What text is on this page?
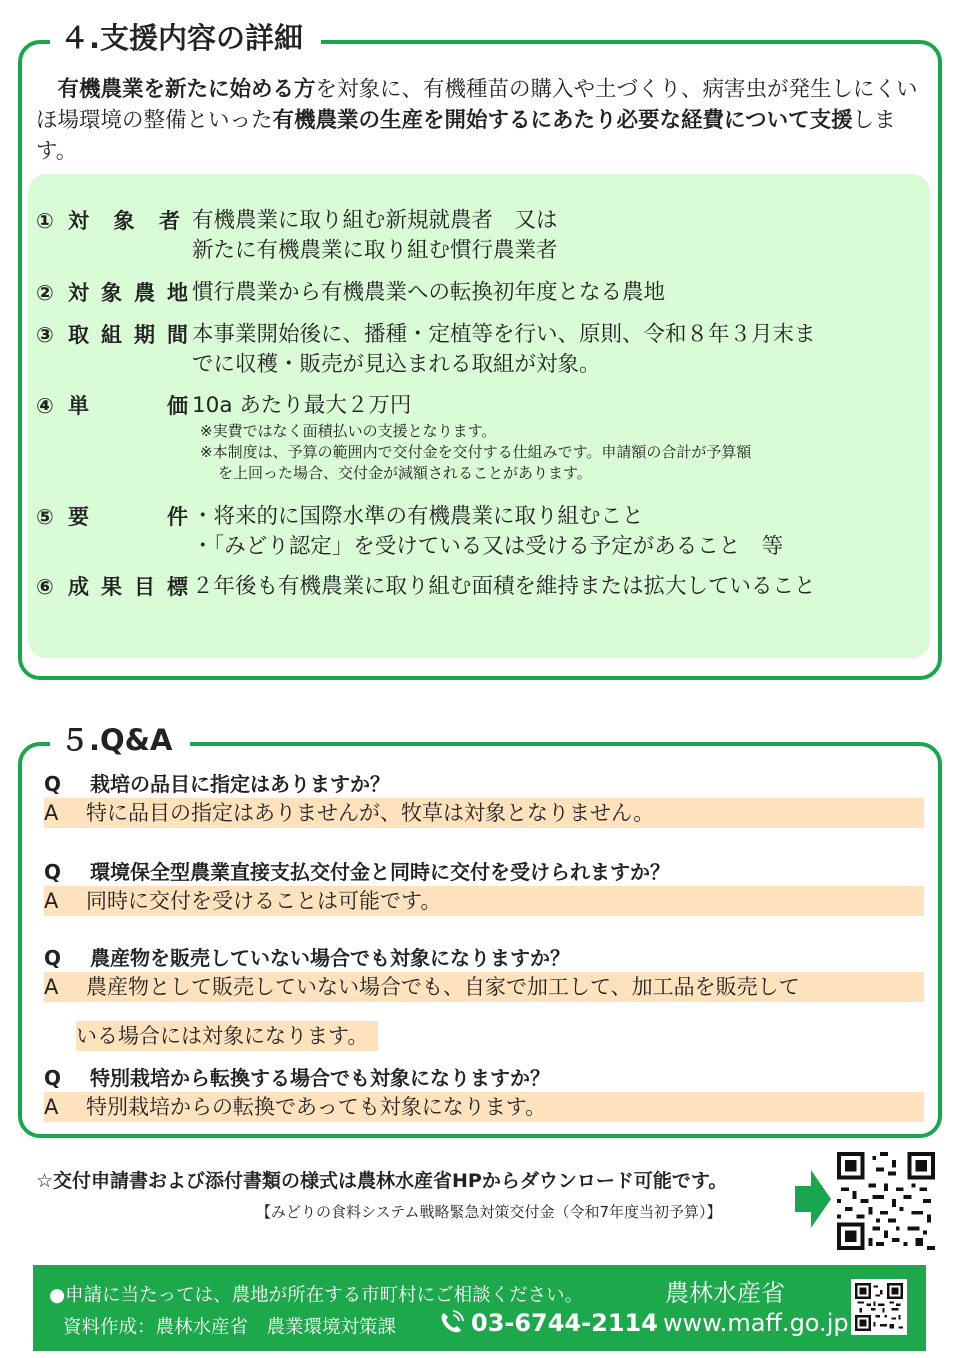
４.支援内容の詳細

有機農業を新たに始める方を対象に、有機種苗の購入や土づくり、病害虫が発生しにくいほ場環境の整備といった有機農業の生産を開始するにあたり必要な経費について支援します。

① 対 象 者 有機農業に取り組む新規就農者　又は
新たに有機農業に取り組む慣行農業者
② 対 象 農 地 慣行農業から有機農業への転換初年度となる農地
③ 取 組 期 間 本事業開始後に、播種・定植等を行い、原則、令和８年３月末ま
でに収穫・販売が見込まれる取組が対象。
④ 単	価 10a あたり最大２万円
※実費ではなく面積払いの支援となります。
※本制度は、予算の範囲内で交付金を交付する仕組みです。申請額の合計が予算額
を上回った場合、交付金が減額されることがあります。
⑤ 要	件 ・将来的に国際水準の有機農業に取り組むこと
・「みどり認定」を受けている又は受ける予定があること　等
⑥ 成 果 目 標 ２年後も有機農業に取り組む面積を維持または拡大していること
５.Q&A
Q	栽培の品目に指定はありますか？
A	特に品目の指定はありませんが、牧草は対象となりません。
Q	環境保全型農業直接支払交付金と同時に交付を受けられますか？
A	同時に交付を受けることは可能です。
Q	農産物を販売していない場合でも対象になりますか？
A	農産物として販売していない場合でも、自家で加工して、加工品を販売して

いる場合には対象になります。
Q	特別栽培から転換する場合でも対象になりますか？
A	特別栽培からの転換であっても対象になります。
☆交付申請書および添付書類の様式は農林水産省HPからダウンロード可能です。
【みどりの食料システム戦略緊急対策交付金（令和7年度当初予算）】
●申請に当たっては、農地が所在する市町村にご相談ください。
資料作成：農林水産省　農業環境対策課	03-6744-2114
農林水産省
www.maff.go.jp
